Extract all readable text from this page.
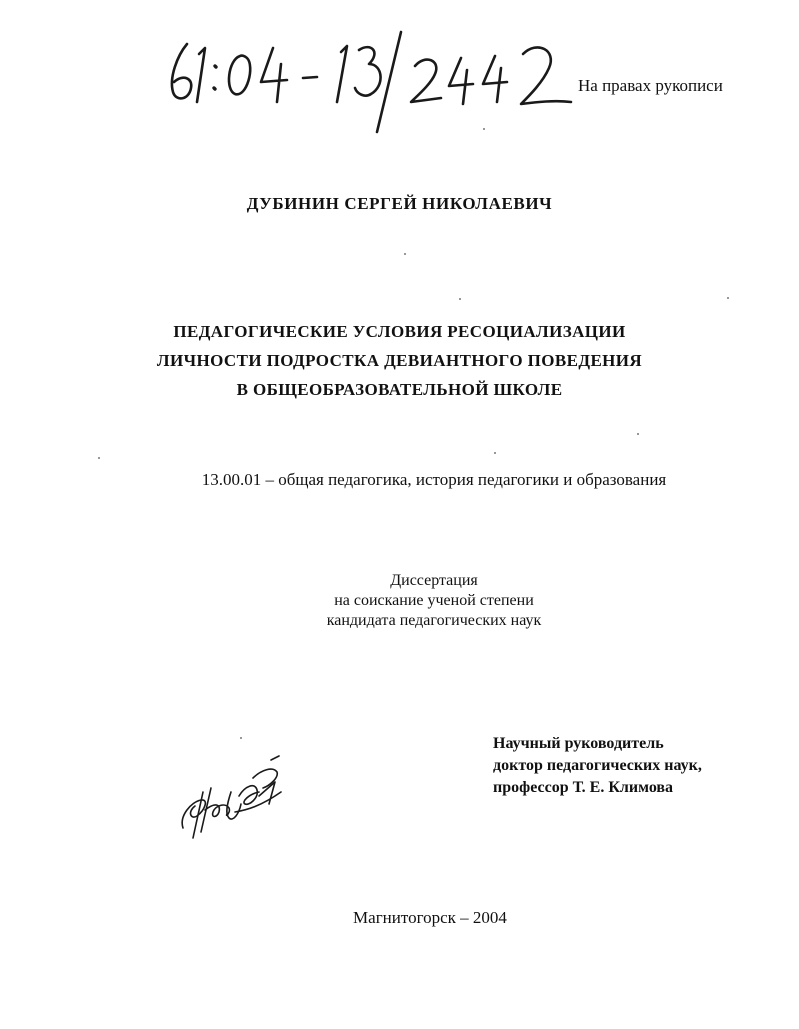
На правах рукописи
ДУБИНИН СЕРГЕЙ НИКОЛАЕВИЧ
ПЕДАГОГИЧЕСКИЕ УСЛОВИЯ РЕСОЦИАЛИЗАЦИИ
ЛИЧНОСТИ ПОДРОСТКА ДЕВИАНТНОГО ПОВЕДЕНИЯ
В ОБЩЕОБРАЗОВАТЕЛЬНОЙ ШКОЛЕ
13.00.01 – общая педагогика, история педагогики и образования
Диссертация
на соискание ученой степени
кандидата педагогических наук
Научный руководитель
доктор педагогических наук,
профессор Т. Е. Климова
Магнитогорск – 2004
